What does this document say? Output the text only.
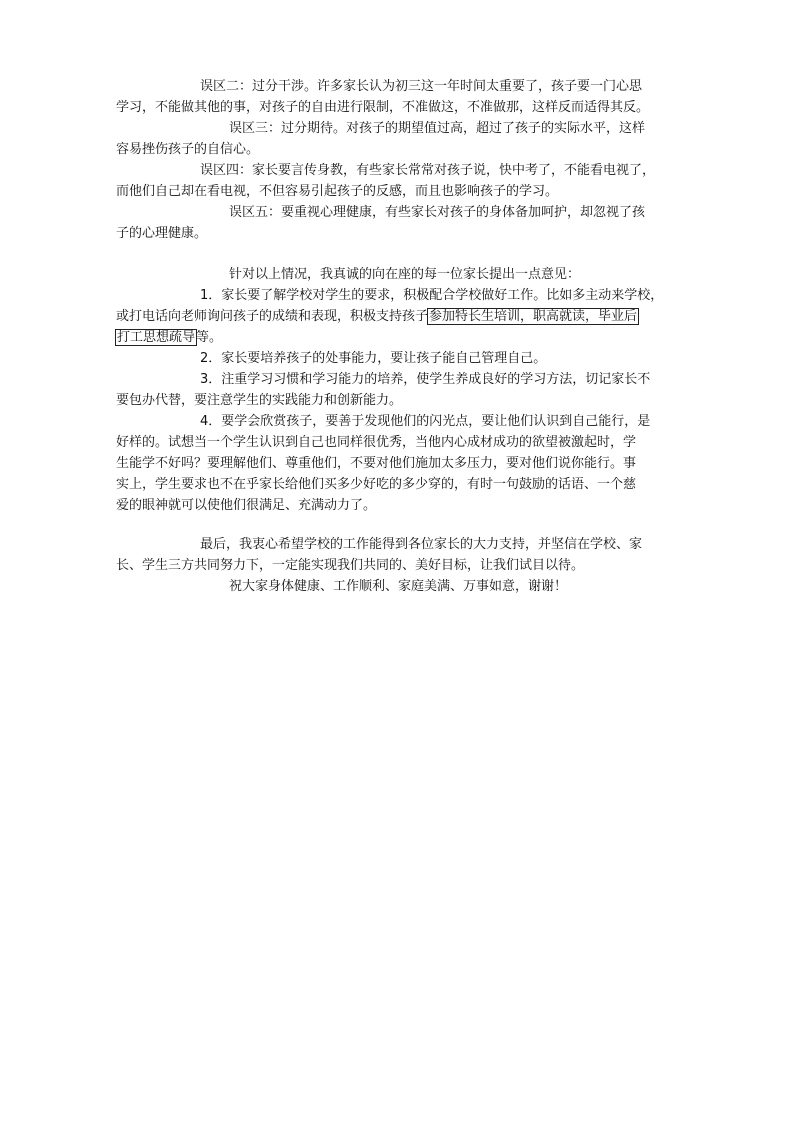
误区二：过分干涉。许多家长认为初三这一年时间太重要了，孩子要一门心思
学习，不能做其他的事，对孩子的自由进行限制，不准做这，不准做那，这样反而适得其反。
误区三：过分期待。对孩子的期望值过高，超过了孩子的实际水平，这样
容易挫伤孩子的自信心。
误区四：家长要言传身教，有些家长常常对孩子说，快中考了，不能看电视了，
而他们自己却在看电视，不但容易引起孩子的反感，而且也影响孩子的学习。
误区五：要重视心理健康，有些家长对孩子的身体备加呵护，却忽视了孩
子的心理健康。
针对以上情况，我真诚的向在座的每一位家长提出一点意见：
1．家长要了解学校对学生的要求，积极配合学校做好工作。比如多主动来学校，
或打电话向老师询问孩子的成绩和表现，积极支持孩子参加特长生培训，职高就读，毕业后
打工思想疏导等。
2．家长要培养孩子的处事能力，要让孩子能自己管理自己。
3．注重学习习惯和学习能力的培养，使学生养成良好的学习方法，切记家长不
要包办代替，要注意学生的实践能力和创新能力。
4．要学会欣赏孩子，要善于发现他们的闪光点，要让他们认识到自己能行，是
好样的。试想当一个学生认识到自己也同样很优秀，当他内心成材成功的欲望被激起时，学
生能学不好吗？要理解他们、尊重他们，不要对他们施加太多压力，要对他们说你能行。事
实上，学生要求也不在乎家长给他们买多少好吃的多少穿的，有时一句鼓励的话语、一个慈
爱的眼神就可以使他们很满足、充满动力了。
最后，我衷心希望学校的工作能得到各位家长的大力支持，并坚信在学校、家
长、学生三方共同努力下，一定能实现我们共同的、美好目标，让我们试目以待。
祝大家身体健康、工作顺利、家庭美满、万事如意，谢谢！
